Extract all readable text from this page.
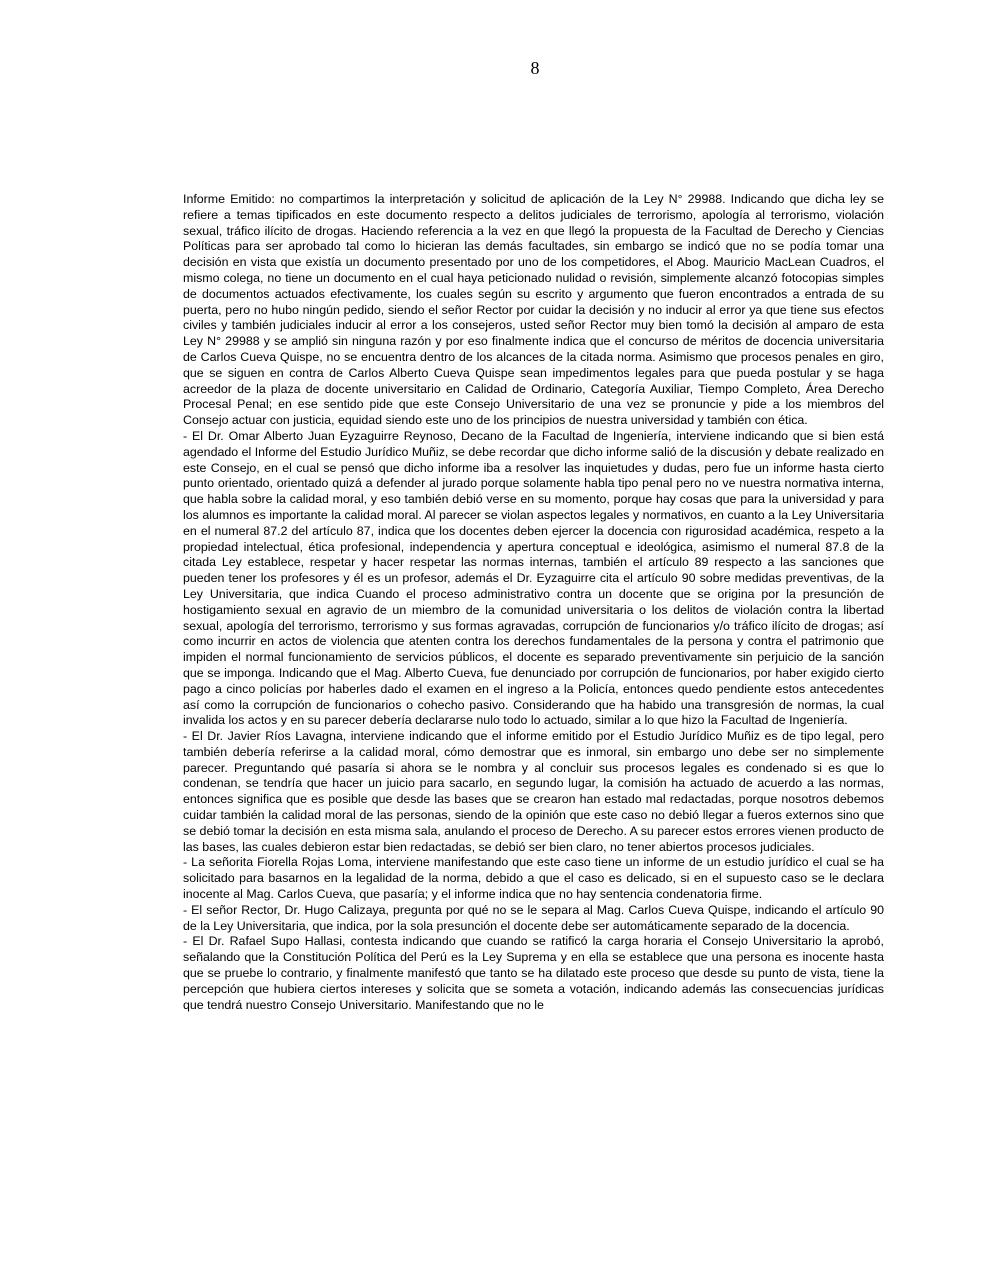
8

Informe Emitido: no compartimos la interpretación y solicitud de aplicación de la Ley N° 29988. Indicando que dicha ley se refiere a temas tipificados en este documento respecto a delitos judiciales de terrorismo, apología al terrorismo, violación sexual, tráfico ilícito de drogas. Haciendo referencia a la vez en que llegó la propuesta de la Facultad de Derecho y Ciencias Políticas para ser aprobado tal como lo hicieran las demás facultades, sin embargo se indicó que no se podía tomar una decisión en vista que existía un documento presentado por uno de los competidores, el Abog. Mauricio MacLean Cuadros, el mismo colega, no tiene un documento en el cual haya peticionado nulidad o revisión, simplemente alcanzó fotocopias simples de documentos actuados efectivamente, los cuales según su escrito y argumento que fueron encontrados a entrada de su puerta, pero no hubo ningún pedido, siendo el señor Rector por cuidar la decisión y no inducir al error ya que tiene sus efectos civiles y también judiciales inducir al error a los consejeros, usted señor Rector muy bien tomó la decisión al amparo de esta Ley N° 29988 y se amplió sin ninguna razón y por eso finalmente indica que el concurso de méritos de docencia universitaria de Carlos Cueva Quispe, no se encuentra dentro de los alcances de la citada norma. Asimismo que procesos penales en giro, que se siguen en contra de Carlos Alberto Cueva Quispe sean impedimentos legales para que pueda postular y se haga acreedor de la plaza de docente universitario en Calidad de Ordinario, Categoría Auxiliar, Tiempo Completo, Área Derecho Procesal Penal; en ese sentido pide que este Consejo Universitario de una vez se pronuncie y pide a los miembros del Consejo actuar con justicia, equidad siendo este uno de los principios de nuestra universidad y también con ética.

- El Dr. Omar Alberto Juan Eyzaguirre Reynoso, Decano de la Facultad de Ingeniería, interviene indicando que si bien está agendado el Informe del Estudio Jurídico Muñiz, se debe recordar que dicho informe salió de la discusión y debate realizado en este Consejo, en el cual se pensó que dicho informe iba a resolver las inquietudes y dudas, pero fue un informe hasta cierto punto orientado, orientado quizá a defender al jurado porque solamente habla tipo penal pero no ve nuestra normativa interna, que habla sobre la calidad moral, y eso también debió verse en su momento, porque hay cosas que para la universidad y para los alumnos es importante la calidad moral. Al parecer se violan aspectos legales y normativos, en cuanto a la Ley Universitaria en el numeral 87.2 del artículo 87, indica que los docentes deben ejercer la docencia con rigurosidad académica, respeto a la propiedad intelectual, ética profesional, independencia y apertura conceptual e ideológica, asimismo el numeral 87.8 de la citada Ley establece, respetar y hacer respetar las normas internas, también el artículo 89 respecto a las sanciones que pueden tener los profesores y él es un profesor, además el Dr. Eyzaguirre cita el artículo 90 sobre medidas preventivas, de la Ley Universitaria, que indica Cuando el proceso administrativo contra un docente que se origina por la presunción de hostigamiento sexual en agravio de un miembro de la comunidad universitaria o los delitos de violación contra la libertad sexual, apología del terrorismo, terrorismo y sus formas agravadas, corrupción de funcionarios y/o tráfico ilícito de drogas; así como incurrir en actos de violencia que atenten contra los derechos fundamentales de la persona y contra el patrimonio que impiden el normal funcionamiento de servicios públicos, el docente es separado preventivamente sin perjuicio de la sanción que se imponga. Indicando que el Mag. Alberto Cueva, fue denunciado por corrupción de funcionarios, por haber exigido cierto pago a cinco policías por haberles dado el examen en el ingreso a la Policía, entonces quedo pendiente estos antecedentes así como la corrupción de funcionarios o cohecho pasivo. Considerando que ha habido una transgresión de normas, la cual invalida los actos y en su parecer debería declararse nulo todo lo actuado, similar a lo que hizo la Facultad de Ingeniería.

- El Dr. Javier Ríos Lavagna, interviene indicando que el informe emitido por el Estudio Jurídico Muñiz es de tipo legal, pero también debería referirse a la calidad moral, cómo demostrar que es inmoral, sin embargo uno debe ser no simplemente parecer. Preguntando qué pasaría si ahora se le nombra y al concluir sus procesos legales es condenado si es que lo condenan, se tendría que hacer un juicio para sacarlo, en segundo lugar, la comisión ha actuado de acuerdo a las normas, entonces significa que es posible que desde las bases que se crearon han estado mal redactadas, porque nosotros debemos cuidar también la calidad moral de las personas, siendo de la opinión que este caso no debió llegar a fueros externos sino que se debió tomar la decisión en esta misma sala, anulando el proceso de Derecho. A su parecer estos errores vienen producto de las bases, las cuales debieron estar bien redactadas, se debió ser bien claro, no tener abiertos procesos judiciales.

- La señorita Fiorella Rojas Loma, interviene manifestando que este caso tiene un informe de un estudio jurídico el cual se ha solicitado para basarnos en la legalidad de la norma, debido a que el caso es delicado, si en el supuesto caso se le declara inocente al Mag. Carlos Cueva, que pasaría; y el informe indica que no hay sentencia condenatoria firme.

- El señor Rector, Dr. Hugo Calizaya, pregunta por qué no se le separa al Mag. Carlos Cueva Quispe, indicando el artículo 90 de la Ley Universitaria, que indica, por la sola presunción el docente debe ser automáticamente separado de la docencia.

- El Dr. Rafael Supo Hallasi, contesta indicando que cuando se ratificó la carga horaria el Consejo Universitario la aprobó, señalando que la Constitución Política del Perú es la Ley Suprema y en ella se establece que una persona es inocente hasta que se pruebe lo contrario, y finalmente manifestó que tanto se ha dilatado este proceso que desde su punto de vista, tiene la percepción que hubiera ciertos intereses y solicita que se someta a votación, indicando además las consecuencias jurídicas que tendrá nuestro Consejo Universitario. Manifestando que no le
